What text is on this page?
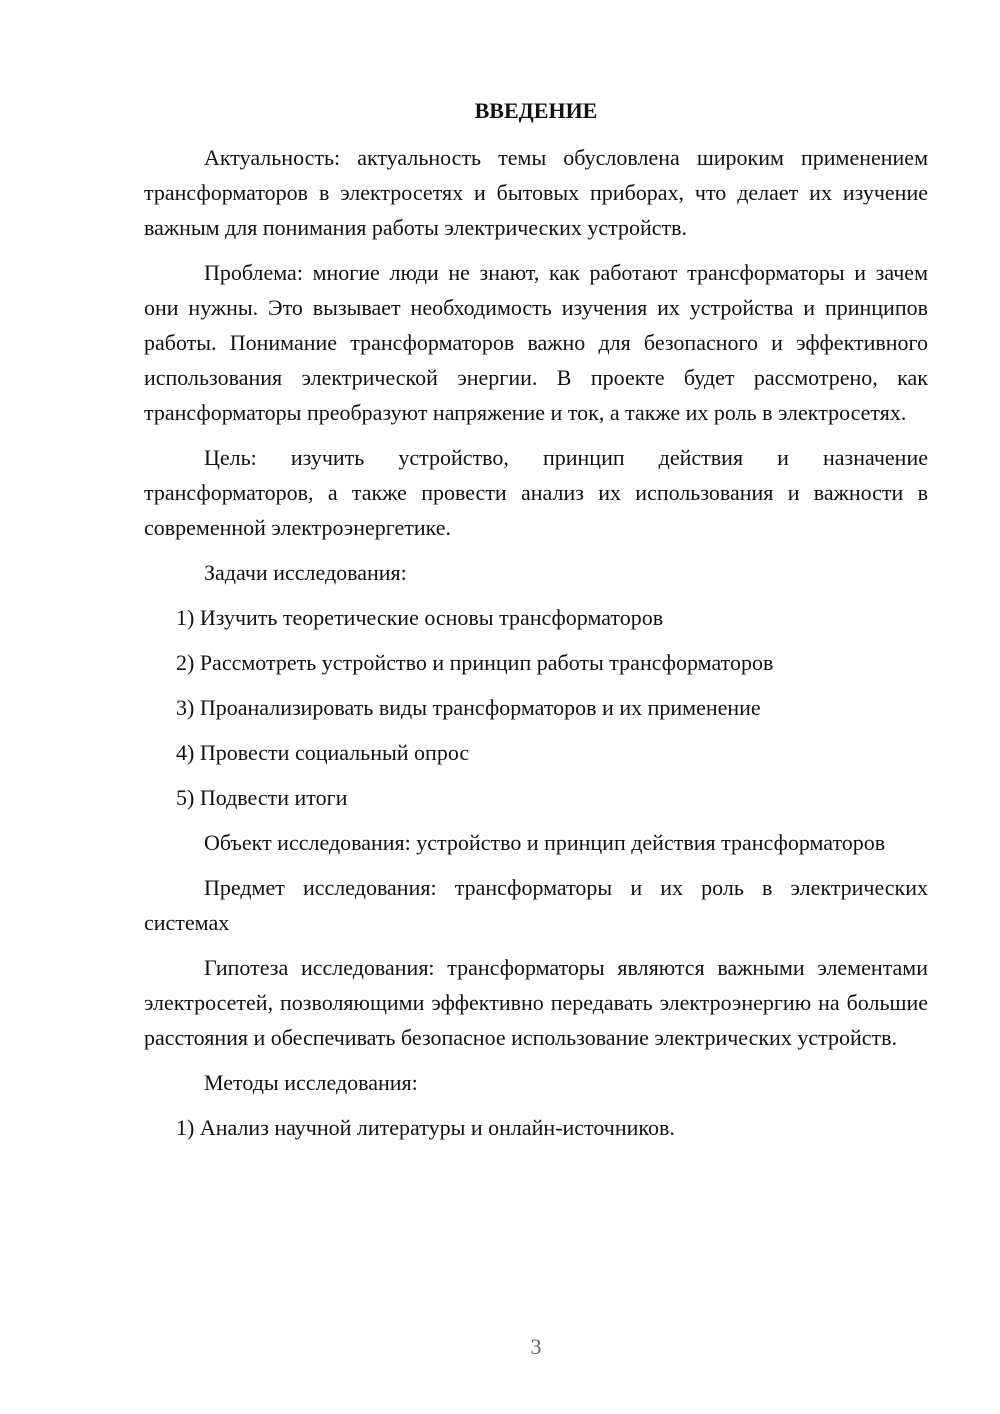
ВВЕДЕНИЕ

Актуальность: актуальность темы обусловлена широким применением трансформаторов в электросетях и бытовых приборах, что делает их изучение важным для понимания работы электрических устройств.

Проблема: многие люди не знают, как работают трансформаторы и зачем они нужны. Это вызывает необходимость изучения их устройства и принципов работы. Понимание трансформаторов важно для безопасного и эффективного использования электрической энергии. В проекте будет рассмотрено, как трансформаторы преобразуют напряжение и ток, а также их роль в электросетях.

Цель: изучить устройство, принцип действия и назначение трансформаторов, а также провести анализ их использования и важности в современной электроэнергетике.

Задачи исследования:

1) Изучить теоретические основы трансформаторов

2) Рассмотреть устройство и принцип работы трансформаторов

3) Проанализировать виды трансформаторов и их применение

4) Провести социальный опрос

5) Подвести итоги

Объект исследования: устройство и принцип действия трансформаторов

Предмет исследования: трансформаторы и их роль в электрических системах

Гипотеза исследования: трансформаторы являются важными элементами электросетей, позволяющими эффективно передавать электроэнергию на большие расстояния и обеспечивать безопасное использование электрических устройств.

Методы исследования:

1) Анализ научной литературы и онлайн-источников.

3
